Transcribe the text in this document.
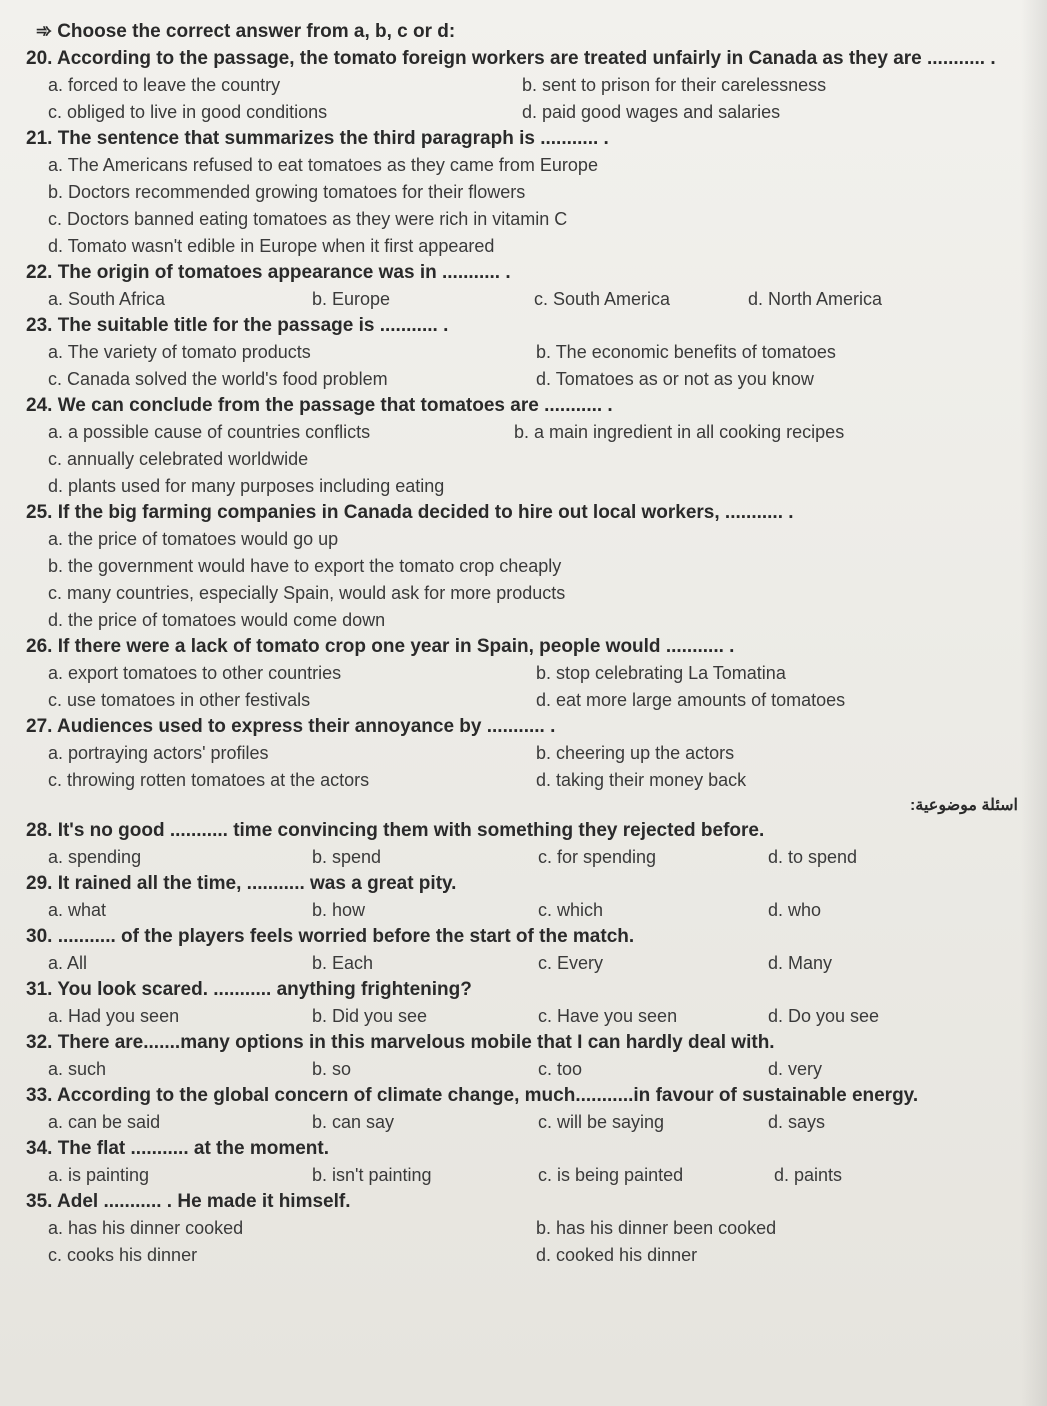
➾ Choose the correct answer from a, b, c or d:
20. According to the passage, the tomato foreign workers are treated unfairly in Canada as they are ........... .
a. forced to leave the country	b. sent to prison for their carelessness
c. obliged to live in good conditions	d. paid good wages and salaries
21. The sentence that summarizes the third paragraph is ........... .
a. The Americans refused to eat tomatoes as they came from Europe
b. Doctors recommended growing tomatoes for their flowers
c. Doctors banned eating tomatoes as they were rich in vitamin C
d. Tomato wasn't edible in Europe when it first appeared
22. The origin of tomatoes appearance was in ........... .
a. South Africa	b. Europe	c. South America	d. North America
23. The suitable title for the passage is ........... .
a. The variety of tomato products	b. The economic benefits of tomatoes
c. Canada solved the world's food problem	d. Tomatoes as or not as you know
24. We can conclude from the passage that tomatoes are ........... .
a. a possible cause of countries conflicts	b. a main ingredient in all cooking recipes
c. annually celebrated worldwide
d. plants used for many purposes including eating
25. If the big farming companies in Canada decided to hire out local workers, ........... .
a. the price of tomatoes would go up
b. the government would have to export the tomato crop cheaply
c. many countries, especially Spain, would ask for more products
d. the price of tomatoes would come down
26. If there were a lack of tomato crop one year in Spain, people would ........... .
a. export tomatoes to other countries	b. stop celebrating La Tomatina
c. use tomatoes in other festivals	d. eat more large amounts of tomatoes
27. Audiences used to express their annoyance by ........... .
a. portraying actors' profiles	b. cheering up the actors
c. throwing rotten tomatoes at the actors	d. taking their money back
اسئلة موضوعية:
28. It's no good ........... time convincing them with something they rejected before.
a. spending	b. spend	c. for spending	d. to spend
29. It rained all the time, ........... was a great pity.
a. what	b. how	c. which	d. who
30. ........... of the players feels worried before the start of the match.
a. All	b. Each	c. Every	d. Many
31. You look scared. ........... anything frightening?
a. Had you seen	b. Did you see	c. Have you seen	d. Do you see
32. There are.......many options in this marvelous mobile that I can hardly deal with.
a. such	b. so	c. too	d. very
33. According to the global concern of climate change, much...........in favour of sustainable energy.
a. can be said	b. can say	c. will be saying	d. says
34. The flat ........... at the moment.
a. is painting	b. isn't painting	c. is being painted	d. paints
35. Adel ........... . He made it himself.
a. has his dinner cooked	b. has his dinner been cooked
c. cooks his dinner	d. cooked his dinner
